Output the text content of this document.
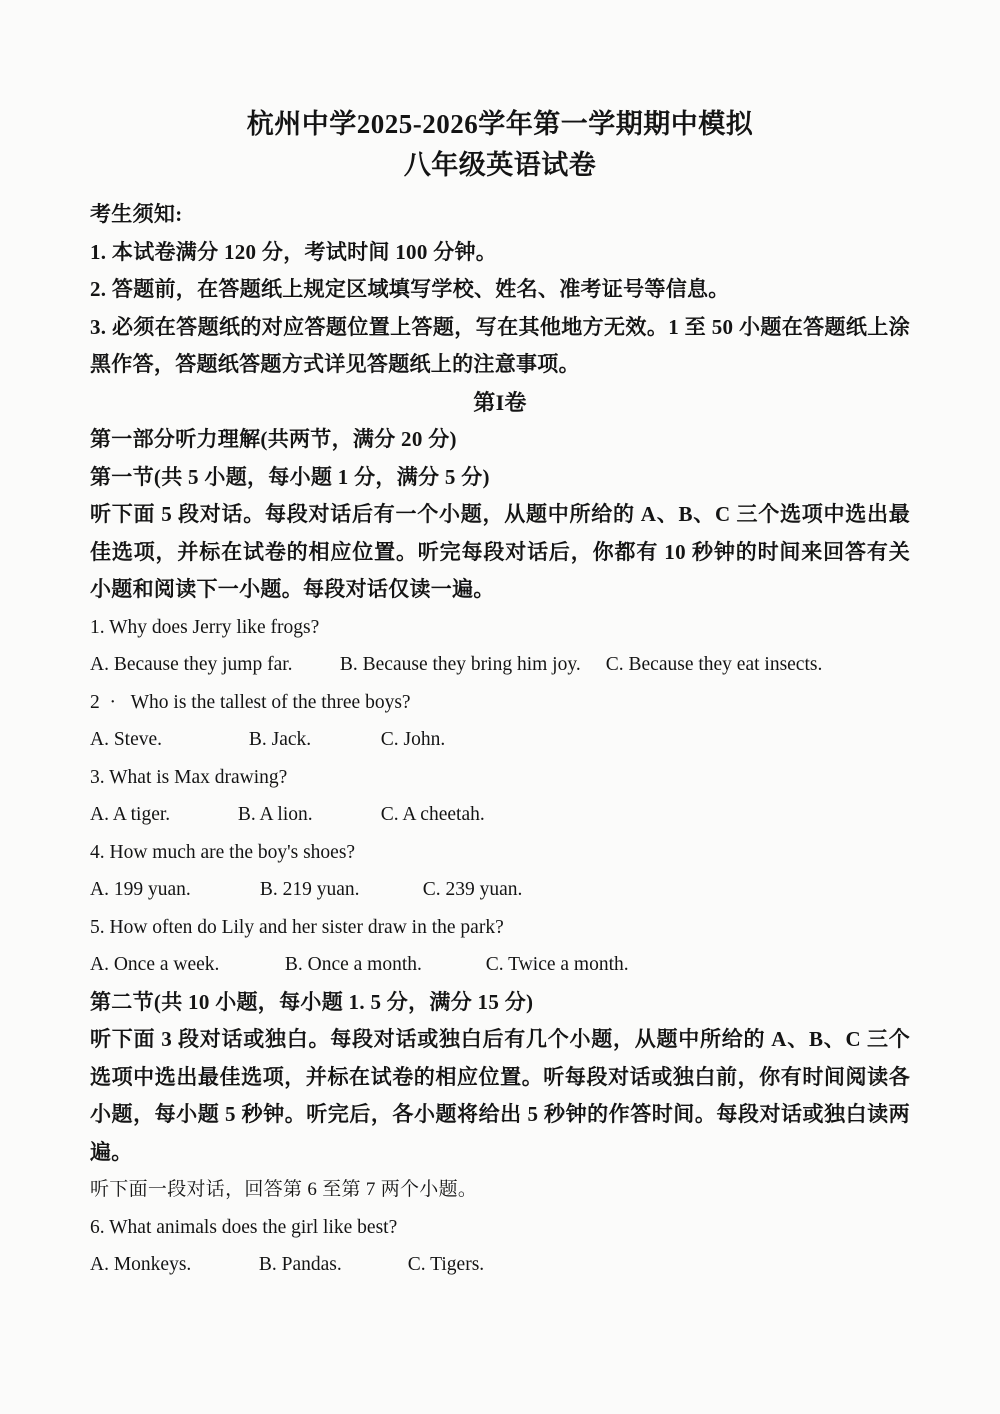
杭州中学2025-2026学年第一学期期中模拟

八年级英语试卷

考生须知:

1. 本试卷满分 120 分，考试时间 100 分钟。

2. 答题前，在答题纸上规定区域填写学校、姓名、准考证号等信息。

3. 必须在答题纸的对应答题位置上答题，写在其他地方无效。1 至 50 小题在答题纸上涂黑作答，答题纸答题方式详见答题纸上的注意事项。

第I卷

第一部分听力理解(共两节，满分 20 分)

第一节(共 5 小题，每小题 1 分，满分 5 分)

听下面 5 段对话。每段对话后有一个小题，从题中所给的 A、B、C 三个选项中选出最佳选项，并标在试卷的相应位置。听完每段对话后，你都有 10 秒钟的时间来回答有关小题和阅读下一小题。每段对话仅读一遍。

1. Why does Jerry like frogs?

A. Because they jump far. B. Because they bring him joy. C. Because they eat insects.

2  ·   Who is the tallest of the three boys?

A. Steve.	B. Jack.	C. John.

3. What is Max drawing?

A. A tiger.	B. A lion.	C. A cheetah.

4. How much are the boy's shoes?

A. 199 yuan.	B. 219 yuan.	C. 239 yuan.

5. How often do Lily and her sister draw in the park?

A. Once a week.	B. Once a month.	C. Twice a month.

第二节(共 10 小题，每小题 1. 5 分，满分 15 分)

听下面 3 段对话或独白。每段对话或独白后有几个小题，从题中所给的 A、B、C 三个选项中选出最佳选项，并标在试卷的相应位置。听每段对话或独白前，你有时间阅读各小题，每小题 5 秒钟。听完后，各小题将给出 5 秒钟的作答时间。每段对话或独白读两遍。

听下面一段对话，回答第 6 至第 7 两个小题。

6. What animals does the girl like best?

A. Monkeys.	B. Pandas.	C. Tigers.
